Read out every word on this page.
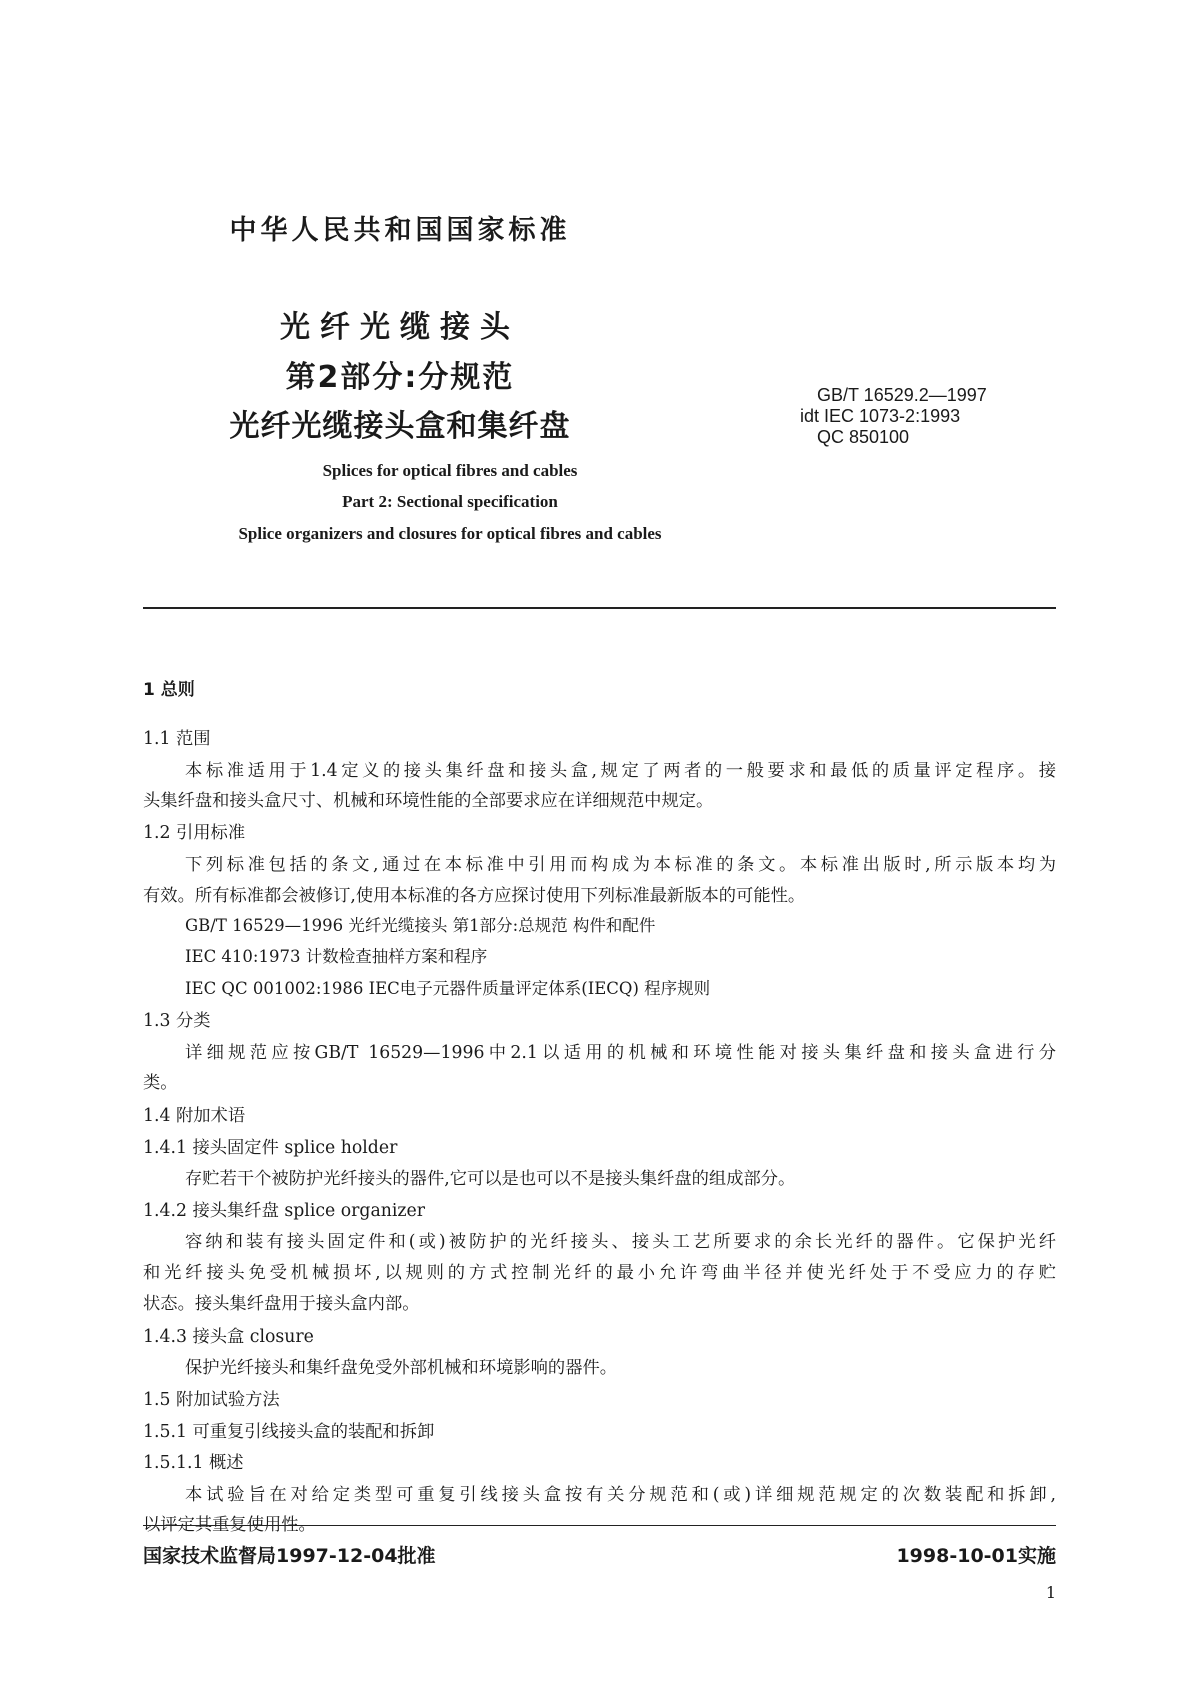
中华人民共和国国家标准
光纤光缆接头
第2部分:分规范
光纤光缆接头盒和集纤盘
GB/T 16529.2—1997
idt IEC 1073-2:1993
QC 850100
Splices for optical fibres and cables
Part 2: Sectional specification
Splice organizers and closures for optical fibres and cables
1 总则
1.1 范围
本标准适用于1.4定义的接头集纤盘和接头盒,规定了两者的一般要求和最低的质量评定程序。接
头集纤盘和接头盒尺寸、机械和环境性能的全部要求应在详细规范中规定。
1.2 引用标准
下列标准包括的条文,通过在本标准中引用而构成为本标准的条文。本标准出版时,所示版本均为
有效。所有标准都会被修订,使用本标准的各方应探讨使用下列标准最新版本的可能性。
GB/T 16529—1996 光纤光缆接头 第1部分:总规范 构件和配件
IEC 410:1973 计数检查抽样方案和程序
IEC QC 001002:1986 IEC电子元器件质量评定体系(IECQ) 程序规则
1.3 分类
详细规范应按GB/T 16529—1996中2.1以适用的机械和环境性能对接头集纤盘和接头盒进行分
类。
1.4 附加术语
1.4.1 接头固定件 splice holder
存贮若干个被防护光纤接头的器件,它可以是也可以不是接头集纤盘的组成部分。
1.4.2 接头集纤盘 splice organizer
容纳和装有接头固定件和(或)被防护的光纤接头、接头工艺所要求的余长光纤的器件。它保护光纤
和光纤接头免受机械损坏,以规则的方式控制光纤的最小允许弯曲半径并使光纤处于不受应力的存贮
状态。接头集纤盘用于接头盒内部。
1.4.3 接头盒 closure
保护光纤接头和集纤盘免受外部机械和环境影响的器件。
1.5 附加试验方法
1.5.1 可重复引线接头盒的装配和拆卸
1.5.1.1 概述
本试验旨在对给定类型可重复引线接头盒按有关分规范和(或)详细规范规定的次数装配和拆卸,
以评定其重复使用性。
国家技术监督局1997-12-04批准	1998-10-01实施
1
